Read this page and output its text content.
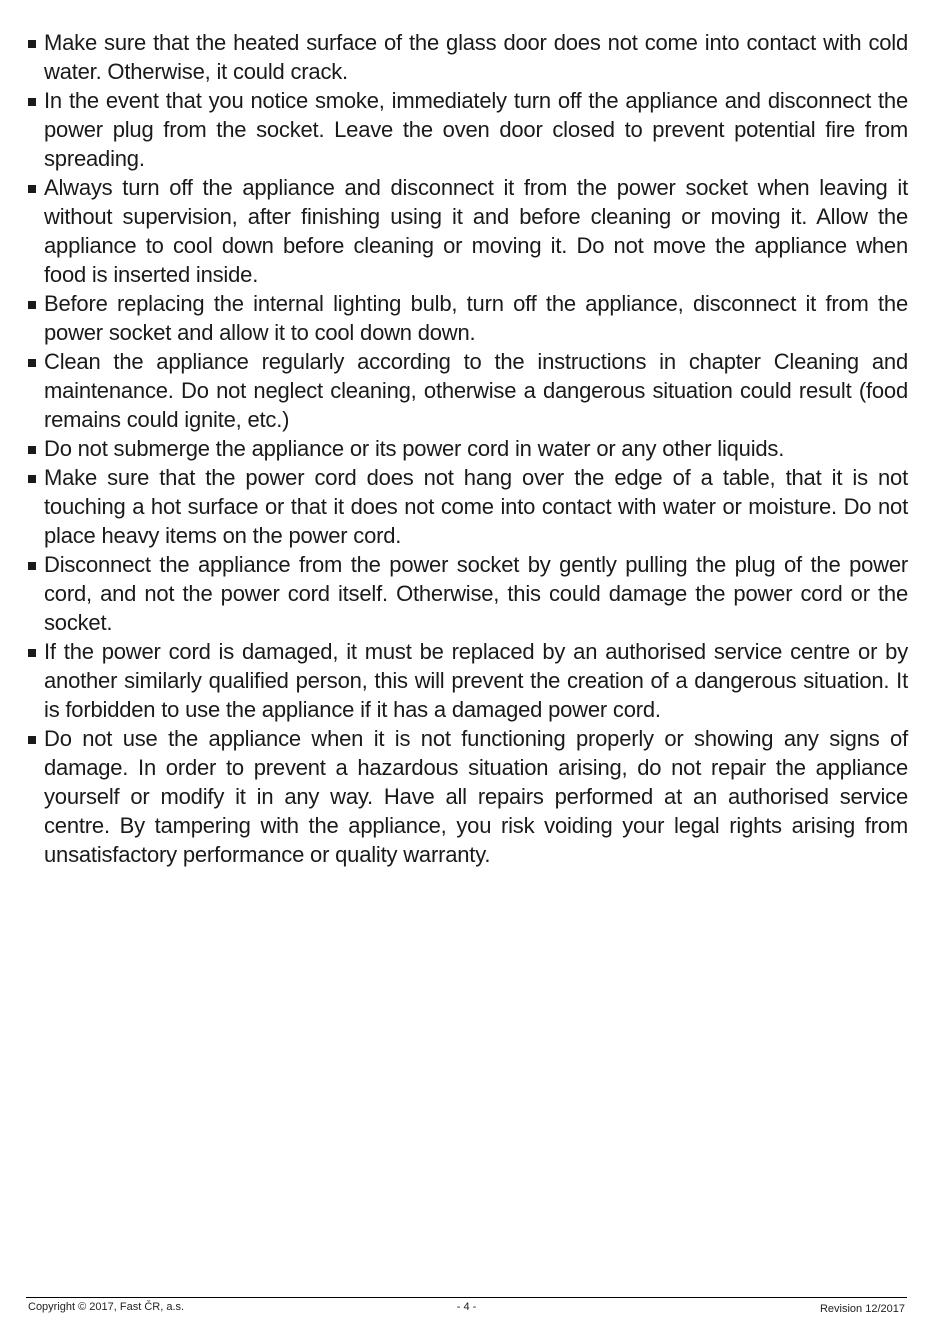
Make sure that the heated surface of the glass door does not come into contact with cold water. Otherwise, it could crack.
In the event that you notice smoke, immediately turn off the appliance and disconnect the power plug from the socket. Leave the oven door closed to prevent potential fire from spreading.
Always turn off the appliance and disconnect it from the power socket when leaving it without supervision, after finishing using it and before cleaning or moving it. Allow the appliance to cool down before cleaning or moving it. Do not move the appliance when food is inserted inside.
Before replacing the internal lighting bulb, turn off the appliance, disconnect it from the power socket and allow it to cool down down.
Clean the appliance regularly according to the instructions in chapter Cleaning and maintenance. Do not neglect cleaning, otherwise a dangerous situation could result (food remains could ignite, etc.)
Do not submerge the appliance or its power cord in water or any other liquids.
Make sure that the power cord does not hang over the edge of a table, that it is not touching a hot surface or that it does not come into contact with water or moisture. Do not place heavy items on the power cord.
Disconnect the appliance from the power socket by gently pulling the plug of the power cord, and not the power cord itself. Otherwise, this could damage the power cord or the socket.
If the power cord is damaged, it must be replaced by an authorised service centre or by another similarly qualified person, this will prevent the creation of a dangerous situation. It is forbidden to use the appliance if it has a damaged power cord.
Do not use the appliance when it is not functioning properly or showing any signs of damage. In order to prevent a hazardous situation arising, do not repair the appliance yourself or modify it in any way. Have all repairs performed at an authorised service centre. By tampering with the appliance, you risk voiding your legal rights arising from unsatisfactory performance or quality warranty.
Copyright © 2017, Fast ČR, a.s.	- 4 -	Revision 12/2017
